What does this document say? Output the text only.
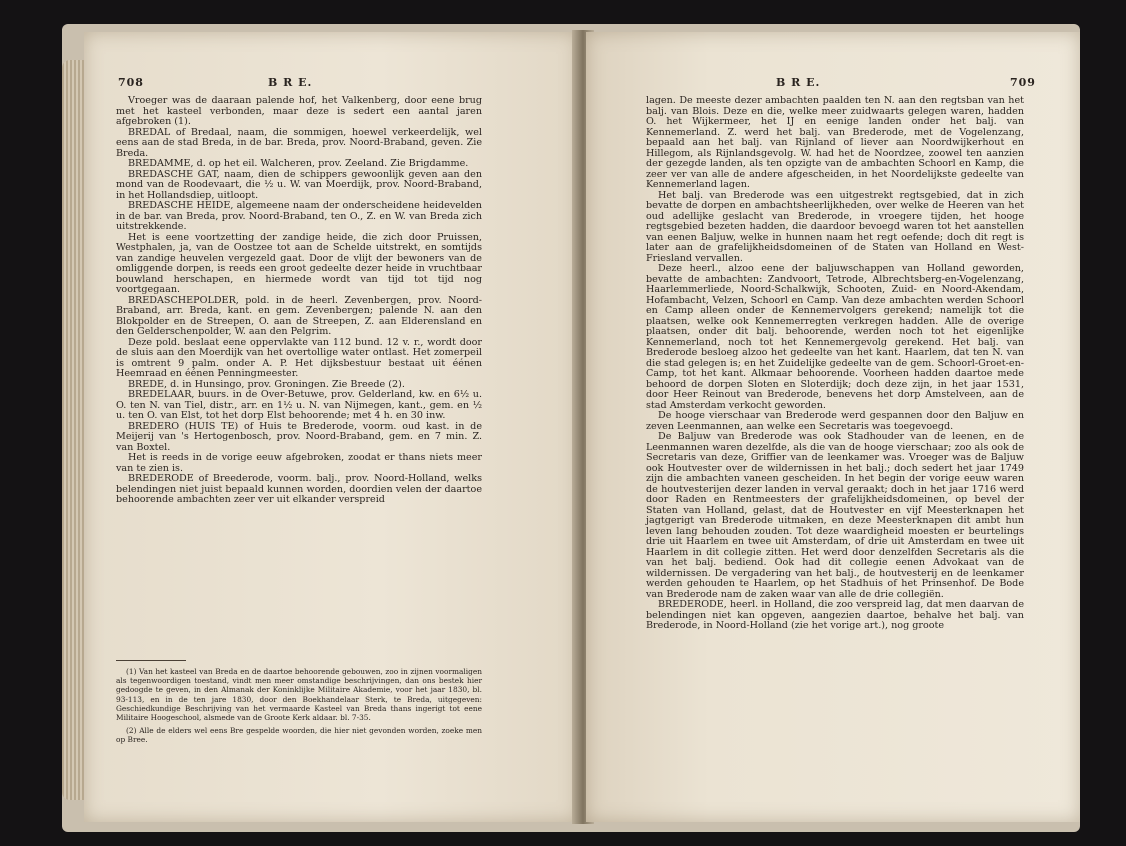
708	B R E.

Vroeger was de daaraan palende hof, het Valkenberg, door eene brug met het kasteel verbonden, maar deze is sedert een aantal jaren afgebroken (1).

BREDAL of Bredaal, naam, die sommigen, hoewel verkeerdelijk, wel eens aan de stad Breda, in de bar. Breda, prov. Noord-Braband, geven. Zie Breda.

BREDAMME, d. op het eil. Walcheren, prov. Zeeland. Zie Brigdamme.

BREDASCHE GAT, naam, dien de schippers gewoonlijk geven aan den mond van de Roodevaart, die ½ u. W. van Moerdijk, prov. Noord-Braband, in het Hollandsdiep, uitloopt.

BREDASCHE HEIDE, algemeene naam der onderscheidene heidevelden in de bar. van Breda, prov. Noord-Braband, ten O., Z. en W. van Breda zich uitstrekkende.

Het is eene voortzetting der zandige heide, die zich door Pruissen, Westphalen, ja, van de Oostzee tot aan de Schelde uitstrekt, en somtijds van zandige heuvelen vergezeld gaat. Door de vlijt der bewoners van de omliggende dorpen, is reeds een groot gedeelte dezer heide in vruchtbaar bouwland herschapen, en hiermede wordt van tijd tot tijd nog voortgegaan.

BREDASCHEPOLDER, pold. in de heerl. Zevenbergen, prov. Noord-Braband, arr. Breda, kant. en gem. Zevenbergen; palende N. aan den Blokpolder en de Streepen, O. aan de Streepen, Z. aan Elderensland en den Gelderschenpolder, W. aan den Pelgrim.

Deze pold. beslaat eene oppervlakte van 112 bund. 12 v. r., wordt door de sluis aan den Moerdijk van het overtollige water ontlast. Het zomerpeil is omtrent 9 palm. onder A. P. Het dijksbestuur bestaat uit éénen Heemraad en éénen Penningmeester.

BREDE, d. in Hunsingo, prov. Groningen. Zie Breede (2).

BREDELAAR, buurs. in de Over-Betuwe, prov. Gelderland, kw. en 6½ u. O. ten N. van Tiel, distr., arr. en 1½ u. N. van Nijmegen, kant., gem. en ½ u. ten O. van Elst, tot het dorp Elst behoorende; met 4 h. en 30 inw.

BREDERO (HUIS TE) of Huis te Brederode, voorm. oud kast. in de Meijerij van 's Hertogenbosch, prov. Noord-Braband, gem. en 7 min. Z. van Boxtel.

Het is reeds in de vorige eeuw afgebroken, zoodat er thans niets meer van te zien is.

BREDERODE of Breederode, voorm. balj., prov. Noord-Holland, welks belendingen niet juist bepaald kunnen worden, doordien velen der daartoe behoorende ambachten zeer ver uit elkander verspreid

(1) Van het kasteel van Breda en de daartoe behoorende gebouwen, zoo in zijnen voormaligen als tegenwoordigen toestand, vindt men meer omstandige beschrijvingen, dan ons bestek hier gedoogde te geven, in den Almanak der Koninklijke Militaire Akademie, voor het jaar 1830, bl. 93-113, en in de ten jare 1830, door den Boekhandelaar Sterk, te Breda, uitgegeven: Geschiedkundige Beschrijving van het vermaarde Kasteel van Breda thans ingerigt tot eene Militaire Hoogeschool, alsmede van de Groote Kerk aldaar. bl. 7-35.

(2) Alle de elders wel eens Bre gespelde woorden, die hier niet gevonden worden, zoeke men op Bree.

B R E.	709

lagen. De meeste dezer ambachten paalden ten N. aan den regtsban van het balj. van Blois. Deze en die, welke meer zuidwaarts gelegen waren, hadden O. het Wijkermeer, het IJ en eenige landen onder het balj. van Kennemerland. Z. werd het balj. van Brederode, met de Vogelenzang, bepaald aan het balj. van Rijnland of liever aan Noordwijkerhout en Hillegom, als Rijnlandsgevolg. W. had het de Noordzee, zoowel ten aanzien der gezegde landen, als ten opzigte van de ambachten Schoorl en Kamp, die zeer ver van alle de andere afgescheiden, in het Noordelijkste gedeelte van Kennemerland lagen.

Het balj. van Brederode was een uitgestrekt regtsgebied, dat in zich bevatte de dorpen en ambachtsheerlijkheden, over welke de Heeren van het oud adellijke geslacht van Brederode, in vroegere tijden, het hooge regtsgebied bezeten hadden, die daardoor bevoegd waren tot het aanstellen van eenen Baljuw, welke in hunnen naam het regt oefende; doch dit regt is later aan de grafelijkheidsdomeinen of de Staten van Holland en West-Friesland vervallen.

Deze heerl., alzoo eene der baljuwschappen van Holland geworden, bevatte de ambachten: Zandvoort, Tetrode, Albrechtsberg-en-Vogelenzang, Haarlemmerliede, Noord-Schalkwijk, Schooten, Zuid- en Noord-Akendam, Hofambacht, Velzen, Schoorl en Camp. Van deze ambachten werden Schoorl en Camp alleen onder de Kennemervolgers gerekend; namelijk tot die plaatsen, welke ook Kennemerregten verkregen hadden. Alle de overige plaatsen, onder dit balj. behoorende, werden noch tot het eigenlijke Kennemerland, noch tot het Kennemergevolg gerekend. Het balj. van Brederode besloeg alzoo het gedeelte van het kant. Haarlem, dat ten N. van die stad gelegen is; en het Zuidelijke gedeelte van de gem. Schoorl-Groet-en-Camp, tot het kant. Alkmaar behoorende. Voorheen hadden daartoe mede behoord de dorpen Sloten en Sloterdijk; doch deze zijn, in het jaar 1531, door Heer Reinout van Brederode, benevens het dorp Amstelveen, aan de stad Amsterdam verkocht geworden.

De hooge vierschaar van Brederode werd gespannen door den Baljuw en zeven Leenmannen, aan welke een Secretaris was toegevoegd.

De Baljuw van Brederode was ook Stadhouder van de leenen, en de Leenmannen waren dezelfde, als die van de hooge vierschaar; zoo als ook de Secretaris van deze, Griffier van de leenkamer was. Vroeger was de Baljuw ook Houtvester over de wildernissen in het balj.; doch sedert het jaar 1749 zijn die ambachten vaneen gescheiden. In het begin der vorige eeuw waren de houtvesterijen dezer landen in verval geraakt; doch in het jaar 1716 werd door Raden en Rentmeesters der grafelijkheidsdomeinen, op bevel der Staten van Holland, gelast, dat de Houtvester en vijf Meesterknapen het jagtgerigt van Brederode uitmaken, en deze Meesterknapen dit ambt hun leven lang behouden zouden. Tot deze waardigheid moesten er beurtelings drie uit Haarlem en twee uit Amsterdam, of drie uit Amsterdam en twee uit Haarlem in dit collegie zitten. Het werd door denzelfden Secretaris als die van het balj. bediend. Ook had dit collegie eenen Advokaat van de wildernissen. De vergadering van het balj., de houtvesterij en de leenkamer werden gehouden te Haarlem, op het Stadhuis of het Prinsenhof. De Bode van Brederode nam de zaken waar van alle de drie collegiën.

BREDERODE, heerl. in Holland, die zoo verspreid lag, dat men daarvan de belendingen niet kan opgeven, aangezien daartoe, behalve het balj. van Brederode, in Noord-Holland (zie het vorige art.), nog groote
